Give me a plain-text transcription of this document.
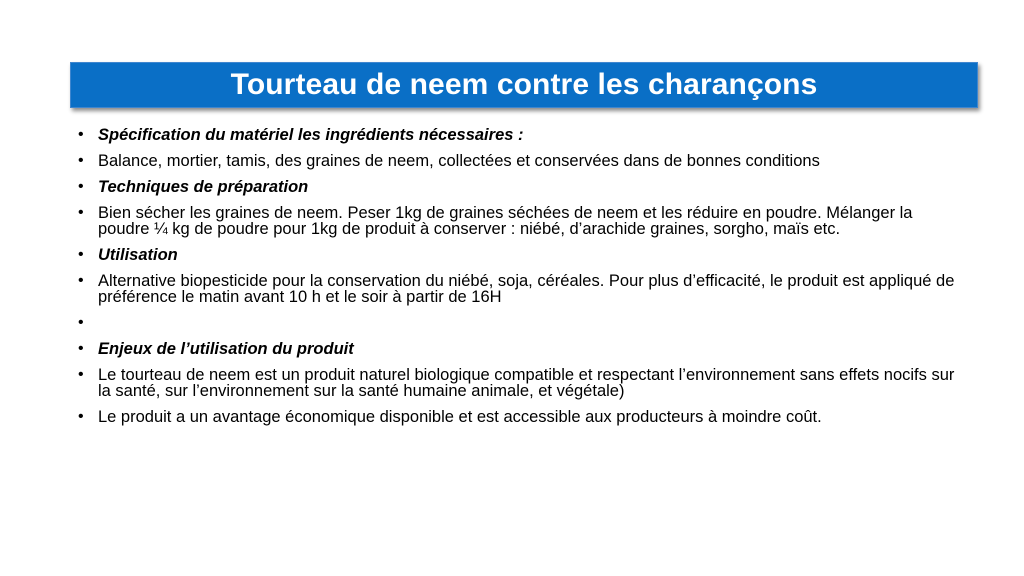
Tourteau de neem contre les charançons
• Spécification du matériel les ingrédients nécessaires :
• Balance, mortier, tamis, des graines de neem, collectées et conservées dans de bonnes conditions
• Techniques de préparation
• Bien sécher les graines de neem. Peser 1kg de graines séchées de neem et les réduire en poudre. Mélanger la poudre ¼ kg de poudre pour 1kg de produit à conserver : niébé, d’arachide graines, sorgho, maïs etc.
• Utilisation
• Alternative biopesticide pour la conservation du niébé, soja, céréales. Pour plus d’efficacité, le produit est appliqué de préférence le matin avant 10 h et le soir à partir de 16H
•
• Enjeux de l’utilisation du produit
• Le tourteau de neem est un produit naturel biologique compatible et respectant l’environnement sans effets nocifs sur la santé, sur l’environnement sur la santé humaine animale, et végétale)
• Le produit a un avantage économique disponible et est accessible aux producteurs à moindre coût.
